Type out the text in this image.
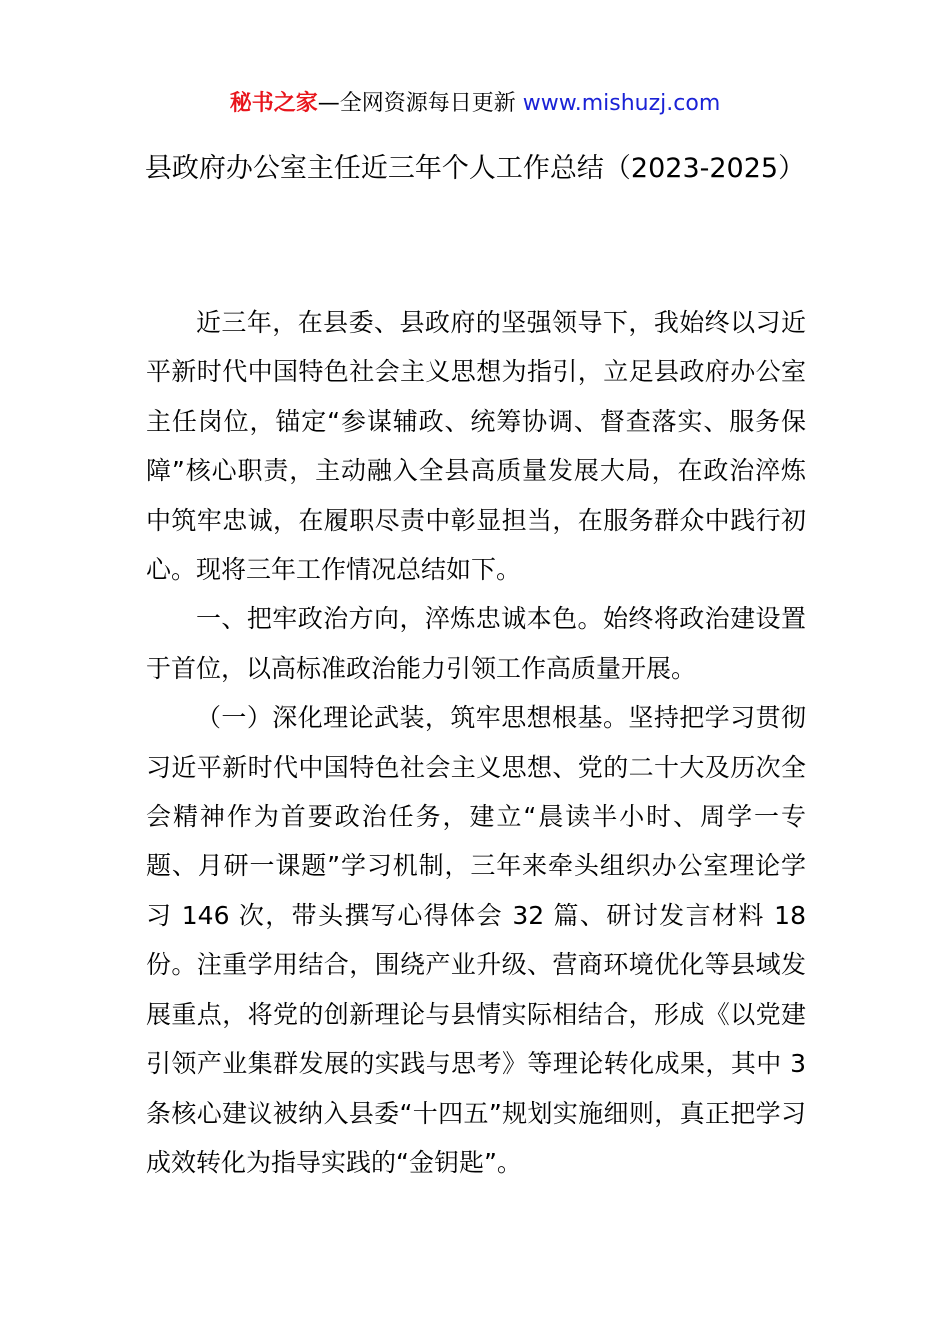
秘书之家—全网资源每日更新 www.mishuzj.com
县政府办公室主任近三年个人工作总结（2023-2025）

近三年，在县委、县政府的坚强领导下，我始终以习近平新时代中国特色社会主义思想为指引，立足县政府办公室主任岗位，锚定“参谋辅政、统筹协调、督查落实、服务保障”核心职责，主动融入全县高质量发展大局，在政治淬炼中筑牢忠诚，在履职尽责中彰显担当，在服务群众中践行初心。现将三年工作情况总结如下。

一、把牢政治方向，淬炼忠诚本色。始终将政治建设置于首位，以高标准政治能力引领工作高质量开展。

（一）深化理论武装，筑牢思想根基。坚持把学习贯彻习近平新时代中国特色社会主义思想、党的二十大及历次全会精神作为首要政治任务，建立“晨读半小时、周学一专题、月研一课题”学习机制，三年来牵头组织办公室理论学习 146 次，带头撰写心得体会 32 篇、研讨发言材料 18 份。注重学用结合，围绕产业升级、营商环境优化等县域发展重点，将党的创新理论与县情实际相结合，形成《以党建引领产业集群发展的实践与思考》等理论转化成果，其中 3 条核心建议被纳入县委“十四五”规划实施细则，真正把学习成效转化为指导实践的“金钥匙”。
